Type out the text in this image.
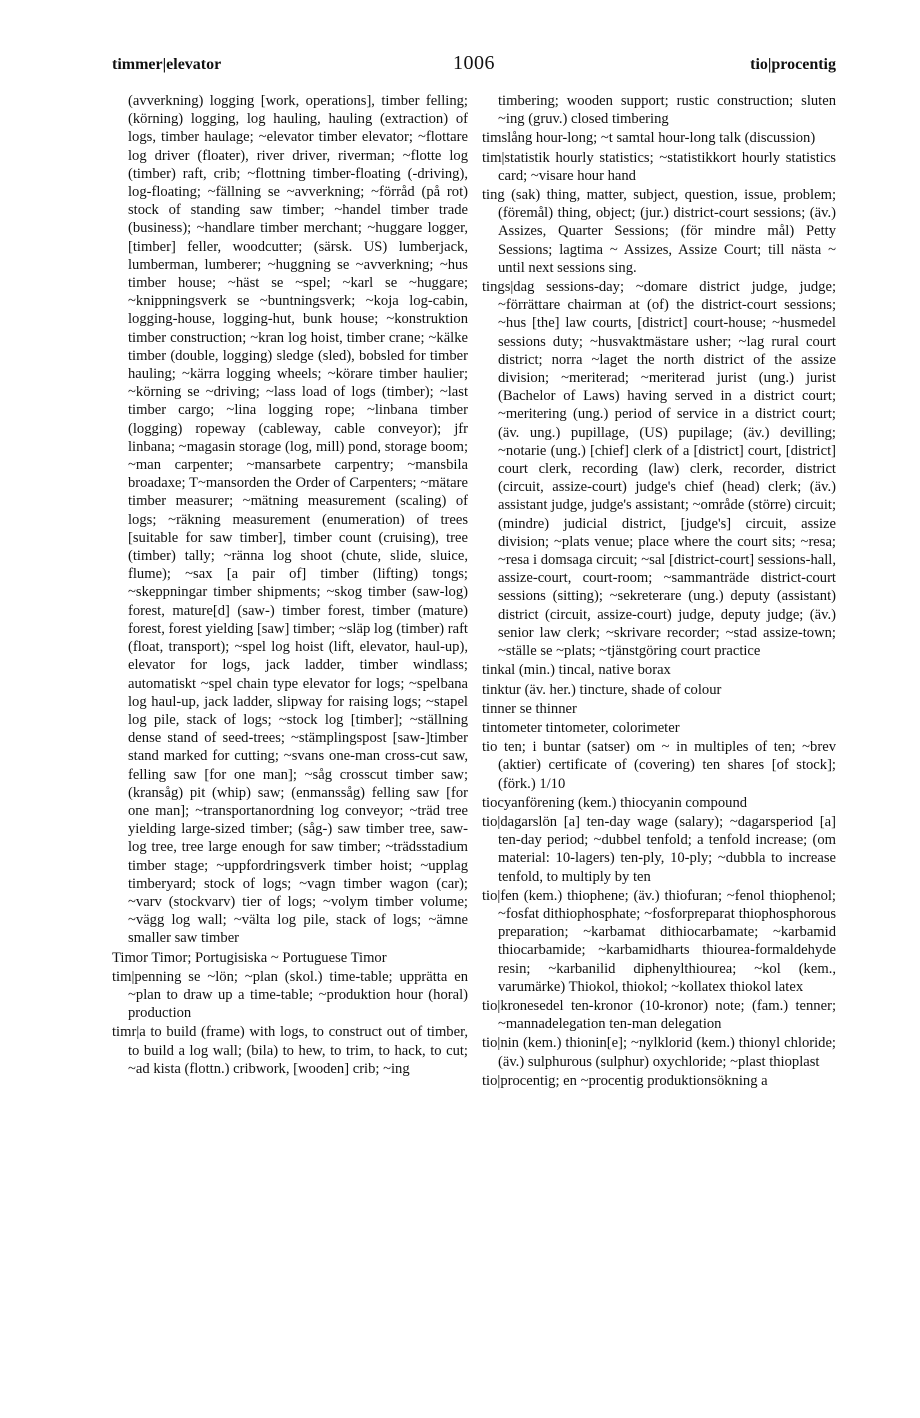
timmer|elevator	1006	tio|procentig

(avverkning) logging [work, operations], timber felling; (körning) logging, log hauling, hauling (extraction) of logs, timber haulage; ~elevator timber elevator; ~flottare log driver (floater), river driver, riverman; ~flotte log (timber) raft, crib; ~flottning timber-floating (-driving), log-floating; ~fällning se ~avverkning; ~förråd (på rot) stock of standing saw timber; ~handel timber trade (business); ~handlare timber merchant; ~huggare logger, [timber] feller, woodcutter; (särsk. US) lumberjack, lumberman, lumberer; ~huggning se ~avverkning; ~hus timber house; ~häst se ~spel; ~karl se ~huggare; ~knippningsverk se ~buntningsverk; ~koja log-cabin, logging-house, logging-hut, bunk house; ~konstruktion timber construction; ~kran log hoist, timber crane; ~kälke timber (double, logging) sledge (sled), bobsled for timber hauling; ~kärra logging wheels; ~körare timber haulier; ~körning se ~driving; ~lass load of logs (timber); ~last timber cargo; ~lina logging rope; ~linbana timber (logging) ropeway (cableway, cable conveyor); jfr linbana; ~magasin storage (log, mill) pond, storage boom; ~man carpenter; ~mansarbete carpentry; ~mansbila broadaxe; T~mansorden the Order of Carpenters; ~mätare timber measurer; ~mätning measurement (scaling) of logs; ~räkning measurement (enumeration) of trees [suitable for saw timber], timber count (cruising), tree (timber) tally; ~ränna log shoot (chute, slide, sluice, flume); ~sax [a pair of] timber (lifting) tongs; ~skeppningar timber shipments; ~skog timber (saw-log) forest, mature[d] (saw-) timber forest, timber (mature) forest, forest yielding [saw] timber; ~släp log (timber) raft (float, transport); ~spel log hoist (lift, elevator, haul-up), elevator for logs, jack ladder, timber windlass; automatiskt ~spel chain type elevator for logs; ~spelbana log haul-up, jack ladder, slipway for raising logs; ~stapel log pile, stack of logs; ~stock log [timber]; ~ställning dense stand of seed-trees; ~stämplingspost [saw-]timber stand marked for cutting; ~svans one-man cross-cut saw, felling saw [for one man]; ~såg crosscut timber saw; (kransåg) pit (whip) saw; (enmanssåg) felling saw [for one man]; ~transportanordning log conveyor; ~träd tree yielding large-sized timber; (såg-) saw timber tree, saw-log tree, tree large enough for saw timber; ~trädsstadium timber stage; ~uppfordringsverk timber hoist; ~upplag timberyard; stock of logs; ~vagn timber wagon (car); ~varv (stockvarv) tier of logs; ~volym timber volume; ~vägg log wall; ~välta log pile, stack of logs; ~ämne smaller saw timber

Timor Timor; Portugisiska ~ Portuguese Timor

tim|penning se ~lön; ~plan (skol.) time-table; upprätta en ~plan to draw up a time-table; ~produktion hour (horal) production

timr|a to build (frame) with logs, to construct out of timber, to build a log wall; (bila) to hew, to trim, to hack, to cut; ~ad kista (flottn.) cribwork, [wooden] crib; ~ing

timbering; wooden support; rustic construction; sluten ~ing (gruv.) closed timbering

timslång hour-long; ~t samtal hour-long talk (discussion)

tim|statistik hourly statistics; ~statistikkort hourly statistics card; ~visare hour hand

ting (sak) thing, matter, subject, question, issue, problem; (föremål) thing, object; (jur.) district-court sessions; (äv.) Assizes, Quarter Sessions; (för mindre mål) Petty Sessions; lagtima ~ Assizes, Assize Court; till nästa ~ until next sessions sing.

tings|dag sessions-day; ~domare district judge, judge; ~förrättare chairman at (of) the district-court sessions; ~hus [the] law courts, [district] court-house; ~husmedel sessions duty; ~husvaktmästare usher; ~lag rural court district; norra ~laget the north district of the assize division; ~meriterad; ~meriterad jurist (ung.) jurist (Bachelor of Laws) having served in a district court; ~meritering (ung.) period of service in a district court; (äv. ung.) pupillage, (US) pupilage; (äv.) devilling; ~notarie (ung.) [chief] clerk of a [district] court, [district] court clerk, recording (law) clerk, recorder, district (circuit, assize-court) judge's chief (head) clerk; (äv.) assistant judge, judge's assistant; ~område (större) circuit; (mindre) judicial district, [judge's] circuit, assize division; ~plats venue; place where the court sits; ~resa; ~resa i domsaga circuit; ~sal [district-court] sessions-hall, assize-court, court-room; ~sammanträde district-court sessions (sitting); ~sekreterare (ung.) deputy (assistant) district (circuit, assize-court) judge, deputy judge; (äv.) senior law clerk; ~skrivare recorder; ~stad assize-town; ~ställe se ~plats; ~tjänstgöring court practice

tinkal (min.) tincal, native borax

tinktur (äv. her.) tincture, shade of colour

tinner se thinner

tintometer tintometer, colorimeter

tio ten; i buntar (satser) om ~ in multiples of ten; ~brev (aktier) certificate of (covering) ten shares [of stock]; (förk.) 1/10

tiocyanförening (kem.) thiocyanin compound

tio|dagarslön [a] ten-day wage (salary); ~dagarsperiod [a] ten-day period; ~dubbel tenfold; a tenfold increase; (om material: 10-lagers) ten-ply, 10-ply; ~dubbla to increase tenfold, to multiply by ten

tio|fen (kem.) thiophene; (äv.) thiofuran; ~fenol thiophenol; ~fosfat dithiophosphate; ~fosforpreparat thiophosphorous preparation; ~karbamat dithiocarbamate; ~karbamid thiocarbamide; ~karbamidharts thiourea-formaldehyde resin; ~karbanilid diphenylthiourea; ~kol (kem., varumärke) Thiokol, thiokol; ~kollatex thiokol latex

tio|kronesedel ten-kronor (10-kronor) note; (fam.) tenner; ~mannadelegation ten-man delegation

tio|nin (kem.) thionin[e]; ~nylklorid (kem.) thionyl chloride; (äv.) sulphurous (sulphur) oxychloride; ~plast thioplast

tio|procentig; en ~procentig produktionsökning a
